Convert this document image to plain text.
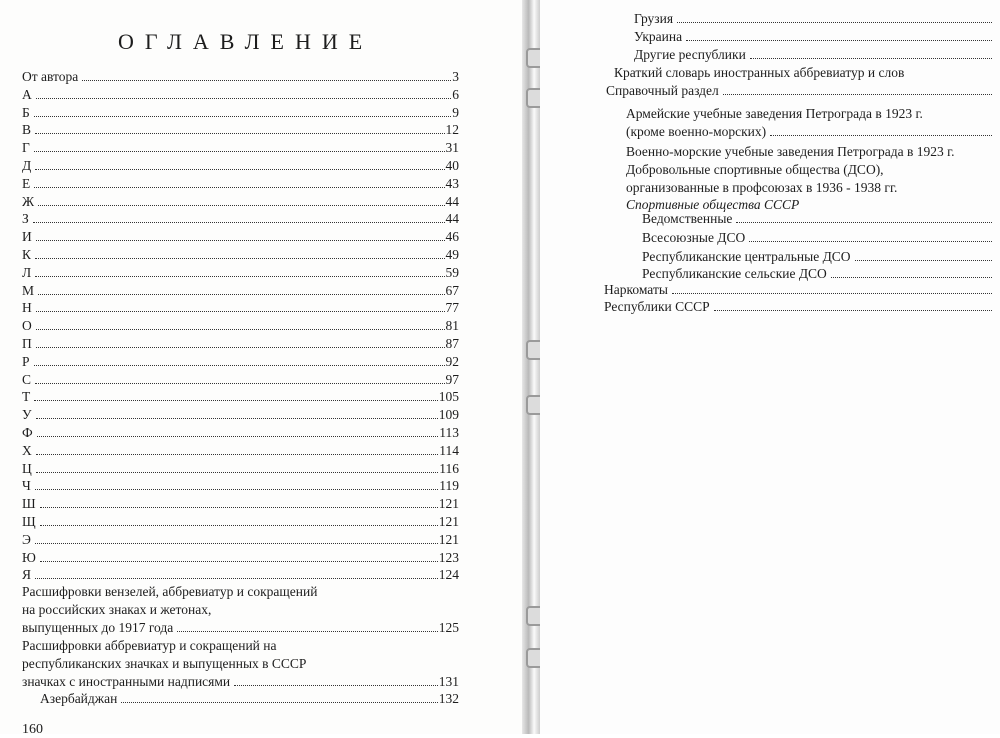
ОГЛАВЛЕНИЕ
От автора	3
А	6
Б	9
В	12
Г	31
Д	40
Е	43
Ж	44
З	44
И	46
К	49
Л	59
М	67
Н	77
О	81
П	87
Р	92
С	97
Т	105
У	109
Ф	113
Х	114
Ц	116
Ч	119
Ш	121
Щ	121
Э	121
Ю	123
Я	124
Расшифровки вензелей, аббревиатур и сокращений
на российских знаках и жетонах,
выпущенных до 1917 года	125
Расшифровки аббревиатур и сокращений на
республиканских значках и выпущенных в СССР
значках с иностранными надписями	131
Азербайджан	132
160
Грузия
Украина
Другие республики
Краткий словарь иностранных аббревиатур и слов
Справочный раздел
Армейские учебные заведения Петрограда в 1923 г.
(кроме военно-морских)
Военно-морские учебные заведения Петрограда в 1923 г.
Добровольные спортивные общества (ДСО),
организованные в профсоюзах в 1936 - 1938 гг.
Спортивные общества СССР
Ведомственные
Всесоюзные ДСО
Республиканские центральные ДСО
Республиканские сельские ДСО
Наркоматы
Республики СССР
